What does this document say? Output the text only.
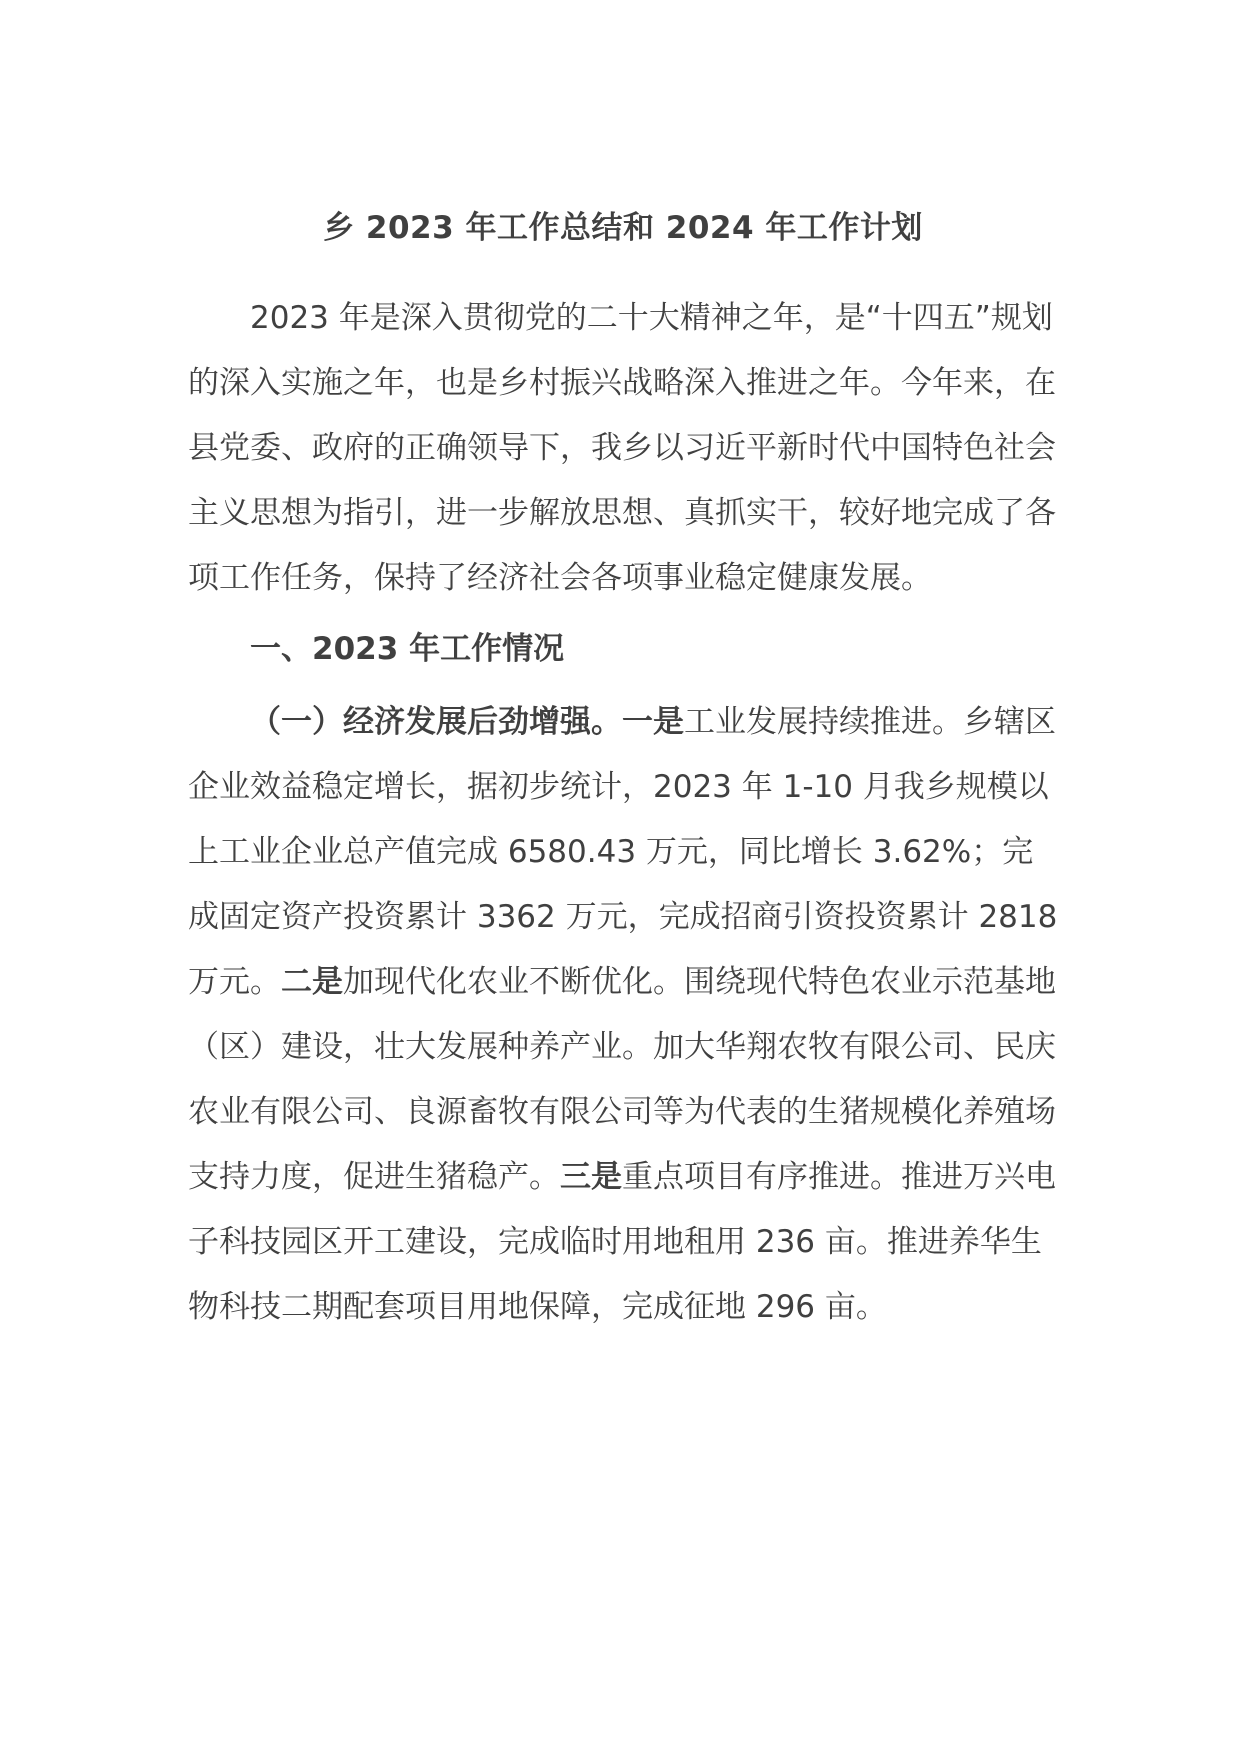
乡 2023 年工作总结和 2024 年工作计划

2023 年是深入贯彻党的二十大精神之年，是“十四五”规划的深入实施之年，也是乡村振兴战略深入推进之年。今年来，在县党委、政府的正确领导下，我乡以习近平新时代中国特色社会主义思想为指引，进一步解放思想、真抓实干，较好地完成了各项工作任务，保持了经济社会各项事业稳定健康发展。

一、2023 年工作情况

（一）经济发展后劲增强。一是工业发展持续推进。乡辖区企业效益稳定增长，据初步统计，2023 年 1-10 月我乡规模以上工业企业总产值完成 6580.43 万元，同比增长 3.62%；完成固定资产投资累计 3362 万元，完成招商引资投资累计 2818 万元。二是加现代化农业不断优化。围绕现代特色农业示范基地（区）建设，壮大发展种养产业。加大华翔农牧有限公司、民庆农业有限公司、良源畜牧有限公司等为代表的生猪规模化养殖场支持力度，促进生猪稳产。三是重点项目有序推进。推进万兴电子科技园区开工建设，完成临时用地租用 236 亩。推进养华生物科技二期配套项目用地保障，完成征地 296 亩。
